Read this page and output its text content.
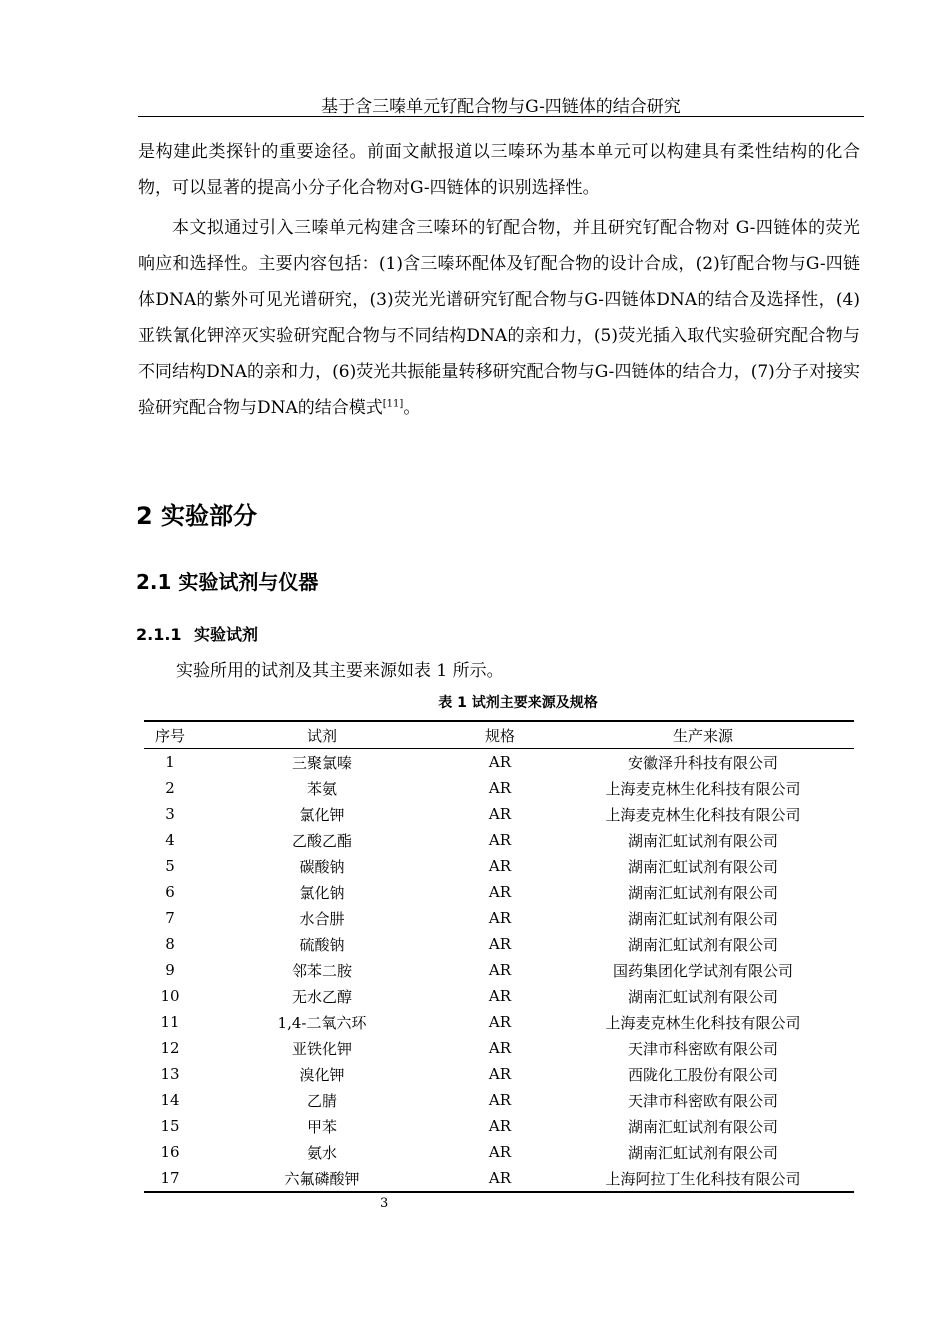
基于含三嗪单元钌配合物与G-四链体的结合研究

是构建此类探针的重要途径。前面文献报道以三嗪环为基本单元可以构建具有柔性结构的化合物，可以显著的提高小分子化合物对G-四链体的识别选择性。

本文拟通过引入三嗪单元构建含三嗪环的钌配合物，并且研究钌配合物对 G-四链体的荧光响应和选择性。主要内容包括：(1)含三嗪环配体及钌配合物的设计合成，(2)钌配合物与G-四链体DNA的紫外可见光谱研究，(3)荧光光谱研究钌配合物与G-四链体DNA的结合及选择性，(4)亚铁氰化钾淬灭实验研究配合物与不同结构DNA的亲和力，(5)荧光插入取代实验研究配合物与不同结构DNA的亲和力，(6)荧光共振能量转移研究配合物与G-四链体的结合力，(7)分子对接实验研究配合物与DNA的结合模式[11]。

2 实验部分
2.1 实验试剂与仪器
2.1.1 实验试剂

实验所用的试剂及其主要来源如表 1 所示。

表 1 试剂主要来源及规格
序号	试剂	规格	生产来源
1	三聚氯嗪	AR	安徽泽升科技有限公司
2	苯氨	AR	上海麦克林生化科技有限公司
3	氯化钾	AR	上海麦克林生化科技有限公司
4	乙酸乙酯	AR	湖南汇虹试剂有限公司
5	碳酸钠	AR	湖南汇虹试剂有限公司
6	氯化钠	AR	湖南汇虹试剂有限公司
7	水合肼	AR	湖南汇虹试剂有限公司
8	硫酸钠	AR	湖南汇虹试剂有限公司
9	邻苯二胺	AR	国药集团化学试剂有限公司
10	无水乙醇	AR	湖南汇虹试剂有限公司
11	1,4-二氧六环	AR	上海麦克林生化科技有限公司
12	亚铁化钾	AR	天津市科密欧有限公司
13	溴化钾	AR	西陇化工股份有限公司
14	乙腈	AR	天津市科密欧有限公司
15	甲苯	AR	湖南汇虹试剂有限公司
16	氨水	AR	湖南汇虹试剂有限公司
17	六氟磷酸钾	AR	上海阿拉丁生化科技有限公司
3
